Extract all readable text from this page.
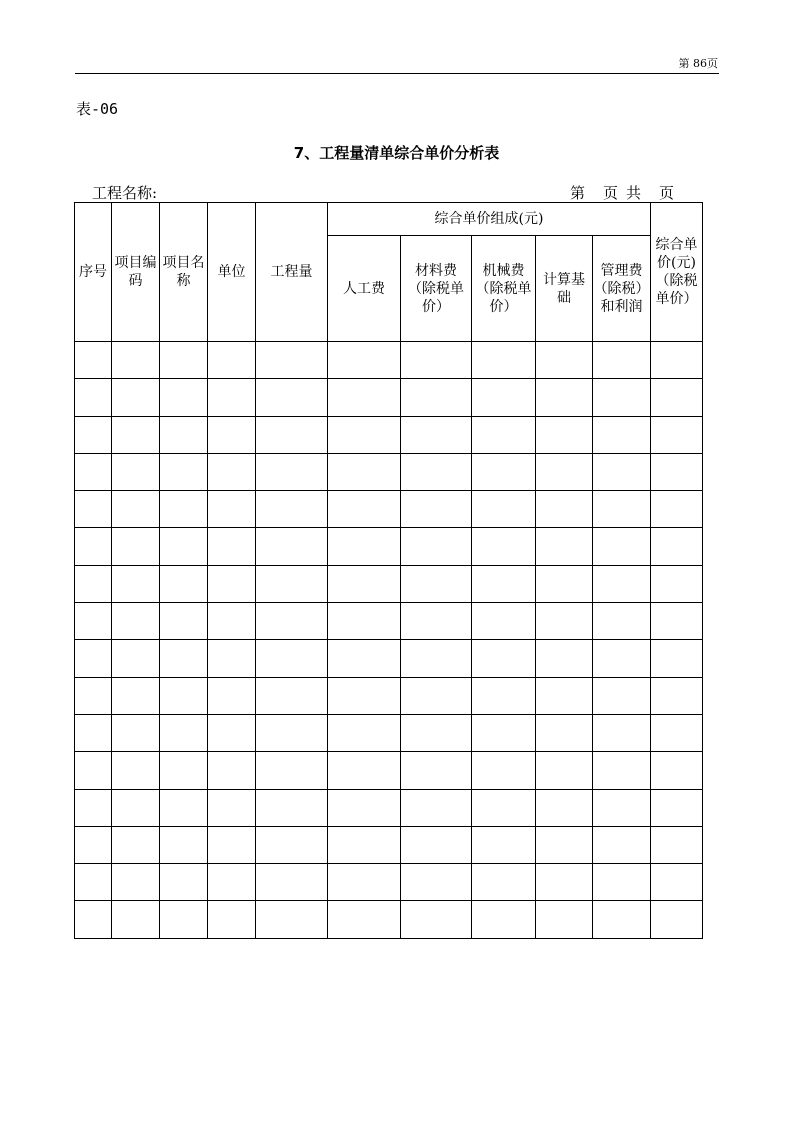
第 86页
表-06
7、工程量清单综合单价分析表
工程名称:	第 页 共 页
序号	项目编码	项目名称	单位	工程量	综合单价组成(元)					综合单价(元)（除税单价）
					人工费	材料费（除税单价）	机械费（除税单价）	计算基础	管理费（除税）和利润	
